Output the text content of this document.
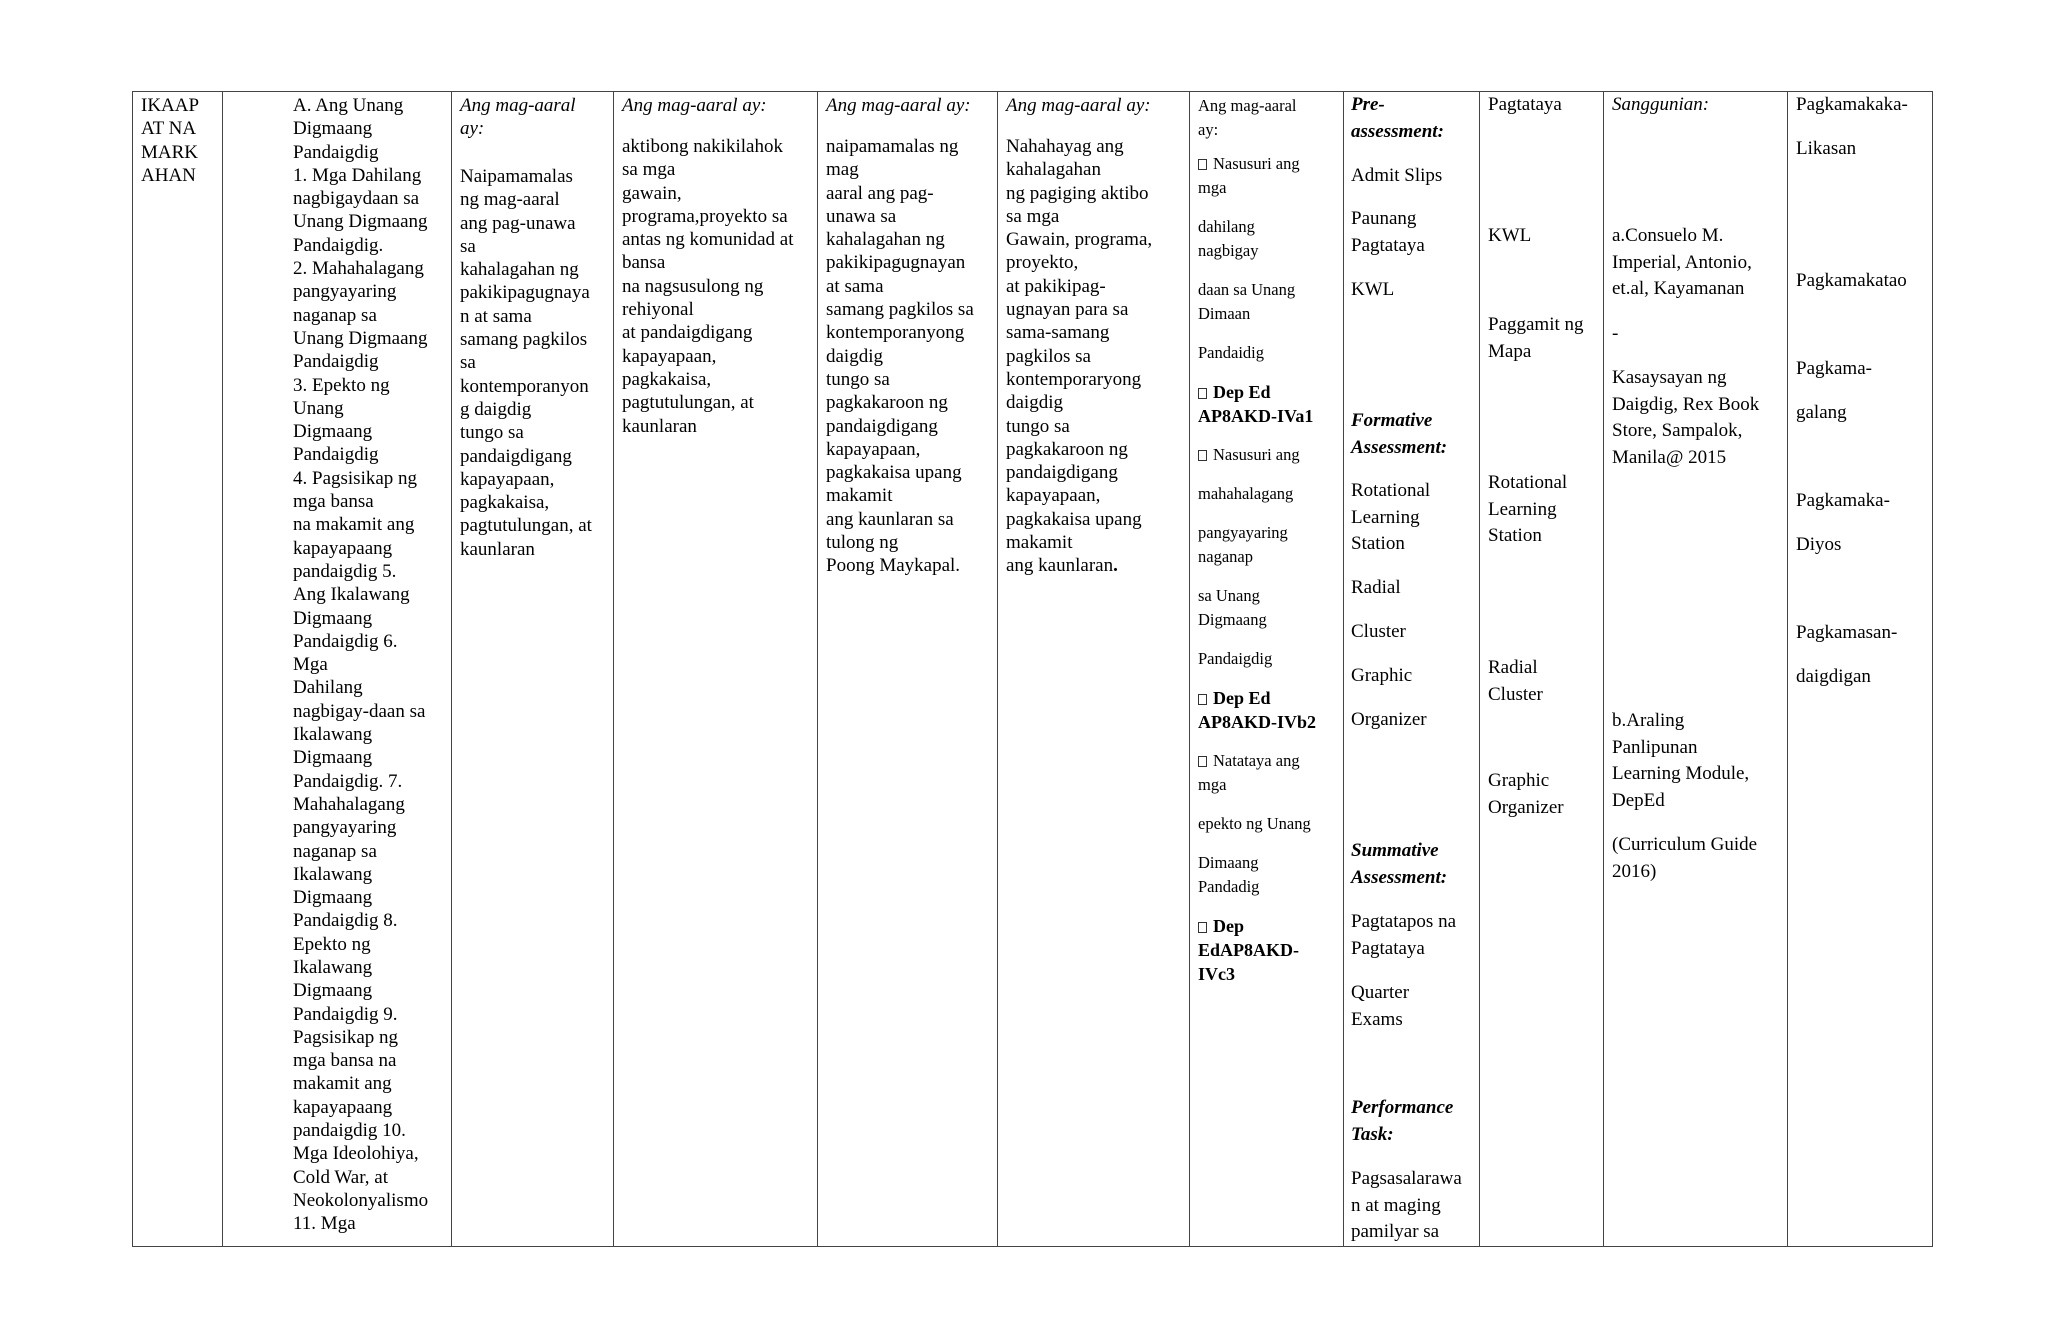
IKAAP
AT NA
MARK
AHAN
A. Ang Unang
Digmaang
Pandaigdig
1. Mga Dahilang
nagbigaydaan sa
Unang Digmaang
Pandaigdig.
2. Mahahalagang
pangyayaring
naganap sa
Unang Digmaang
Pandaigdig
3. Epekto ng
Unang
Digmaang
Pandaigdig
4. Pagsisikap ng
mga bansa
na makamit ang
kapayapaang
pandaigdig 5.
Ang Ikalawang
Digmaang
Pandaigdig 6.
Mga
Dahilang
nagbigay-daan sa
Ikalawang
Digmaang
Pandaigdig. 7.
Mahahalagang
pangyayaring
naganap sa
Ikalawang
Digmaang
Pandaigdig 8.
Epekto ng
Ikalawang
Digmaang
Pandaigdig 9.
Pagsisikap ng
mga bansa na
makamit ang
kapayapaang
pandaigdig 10.
Mga Ideolohiya,
Cold War, at
Neokolonyalismo
11. Mga
Ang mag-aaral
ay:
Naipamamalas
ng mag-aaral
ang pag-unawa
sa
kahalagahan ng
pakikipagugnaya
n at sama
samang pagkilos
sa
kontemporanyon
g daigdig
tungo sa
pandaigdigang
kapayapaan,
pagkakaisa,
pagtutulungan, at
kaunlaran
Ang mag-aaral ay:
aktibong nakikilahok
sa mga
gawain,
programa,proyekto sa
antas ng komunidad at
bansa
na nagsusulong ng
rehiyonal
at pandaigdigang
kapayapaan,
pagkakaisa,
pagtutulungan, at
kaunlaran
Ang mag-aaral ay:
naipamamalas ng
mag
aaral ang pag-
unawa sa
kahalagahan ng
pakikipagugnayan
at sama
samang pagkilos sa
kontemporanyong
daigdig
tungo sa
pagkakaroon ng
pandaigdigang
kapayapaan,
pagkakaisa upang
makamit
ang kaunlaran sa
tulong ng
Poong Maykapal.
Ang mag-aaral ay:
Nahahayag ang
kahalagahan
ng pagiging aktibo
sa mga
Gawain, programa,
proyekto,
at pakikipag-
ugnayan para sa
sama-samang
pagkilos sa
kontemporaryong
daigdig
tungo sa
pagkakaroon ng
pandaigdigang
kapayapaan,
pagkakaisa upang
makamit
ang kaunlaran.
Ang mag-aaral
ay:
Nasusuri ang
mga
dahilang
nagbigay
daan sa Unang
Dimaan
Pandaidig
Dep Ed
AP8AKD-IVa1
Nasusuri ang
mahahalagang
pangyayaring
naganap
sa Unang
Digmaang
Pandaigdig
Dep Ed
AP8AKD-IVb2
Natataya ang
mga
epekto ng Unang
Dimaang
Pandadig
Dep
EdAP8AKD-
IVc3
Pre-
assessment:
Admit Slips
Paunang
Pagtataya
KWL
Formative
Assessment:
Rotational
Learning
Station
Radial
Cluster
Graphic
Organizer
Summative
Assessment:
Pagtatapos na
Pagtataya
Quarter
Exams
Performance
Task:
Pagsasalarawa
n at maging
pamilyar sa
Pagtataya
KWL
Paggamit ng
Mapa
Rotational
Learning
Station
Radial
Cluster
Graphic
Organizer
Sanggunian:
a.Consuelo M.
Imperial, Antonio,
et.al, Kayamanan
-
Kasaysayan ng
Daigdig, Rex Book
Store, Sampalok,
Manila@ 2015
b.Araling
Panlipunan
Learning Module,
DepEd
(Curriculum Guide
2016)
Pagkamakaka-
Likasan
Pagkamakatao
Pagkama-
galang
Pagkamaka-
Diyos
Pagkamasan-
daigdigan
